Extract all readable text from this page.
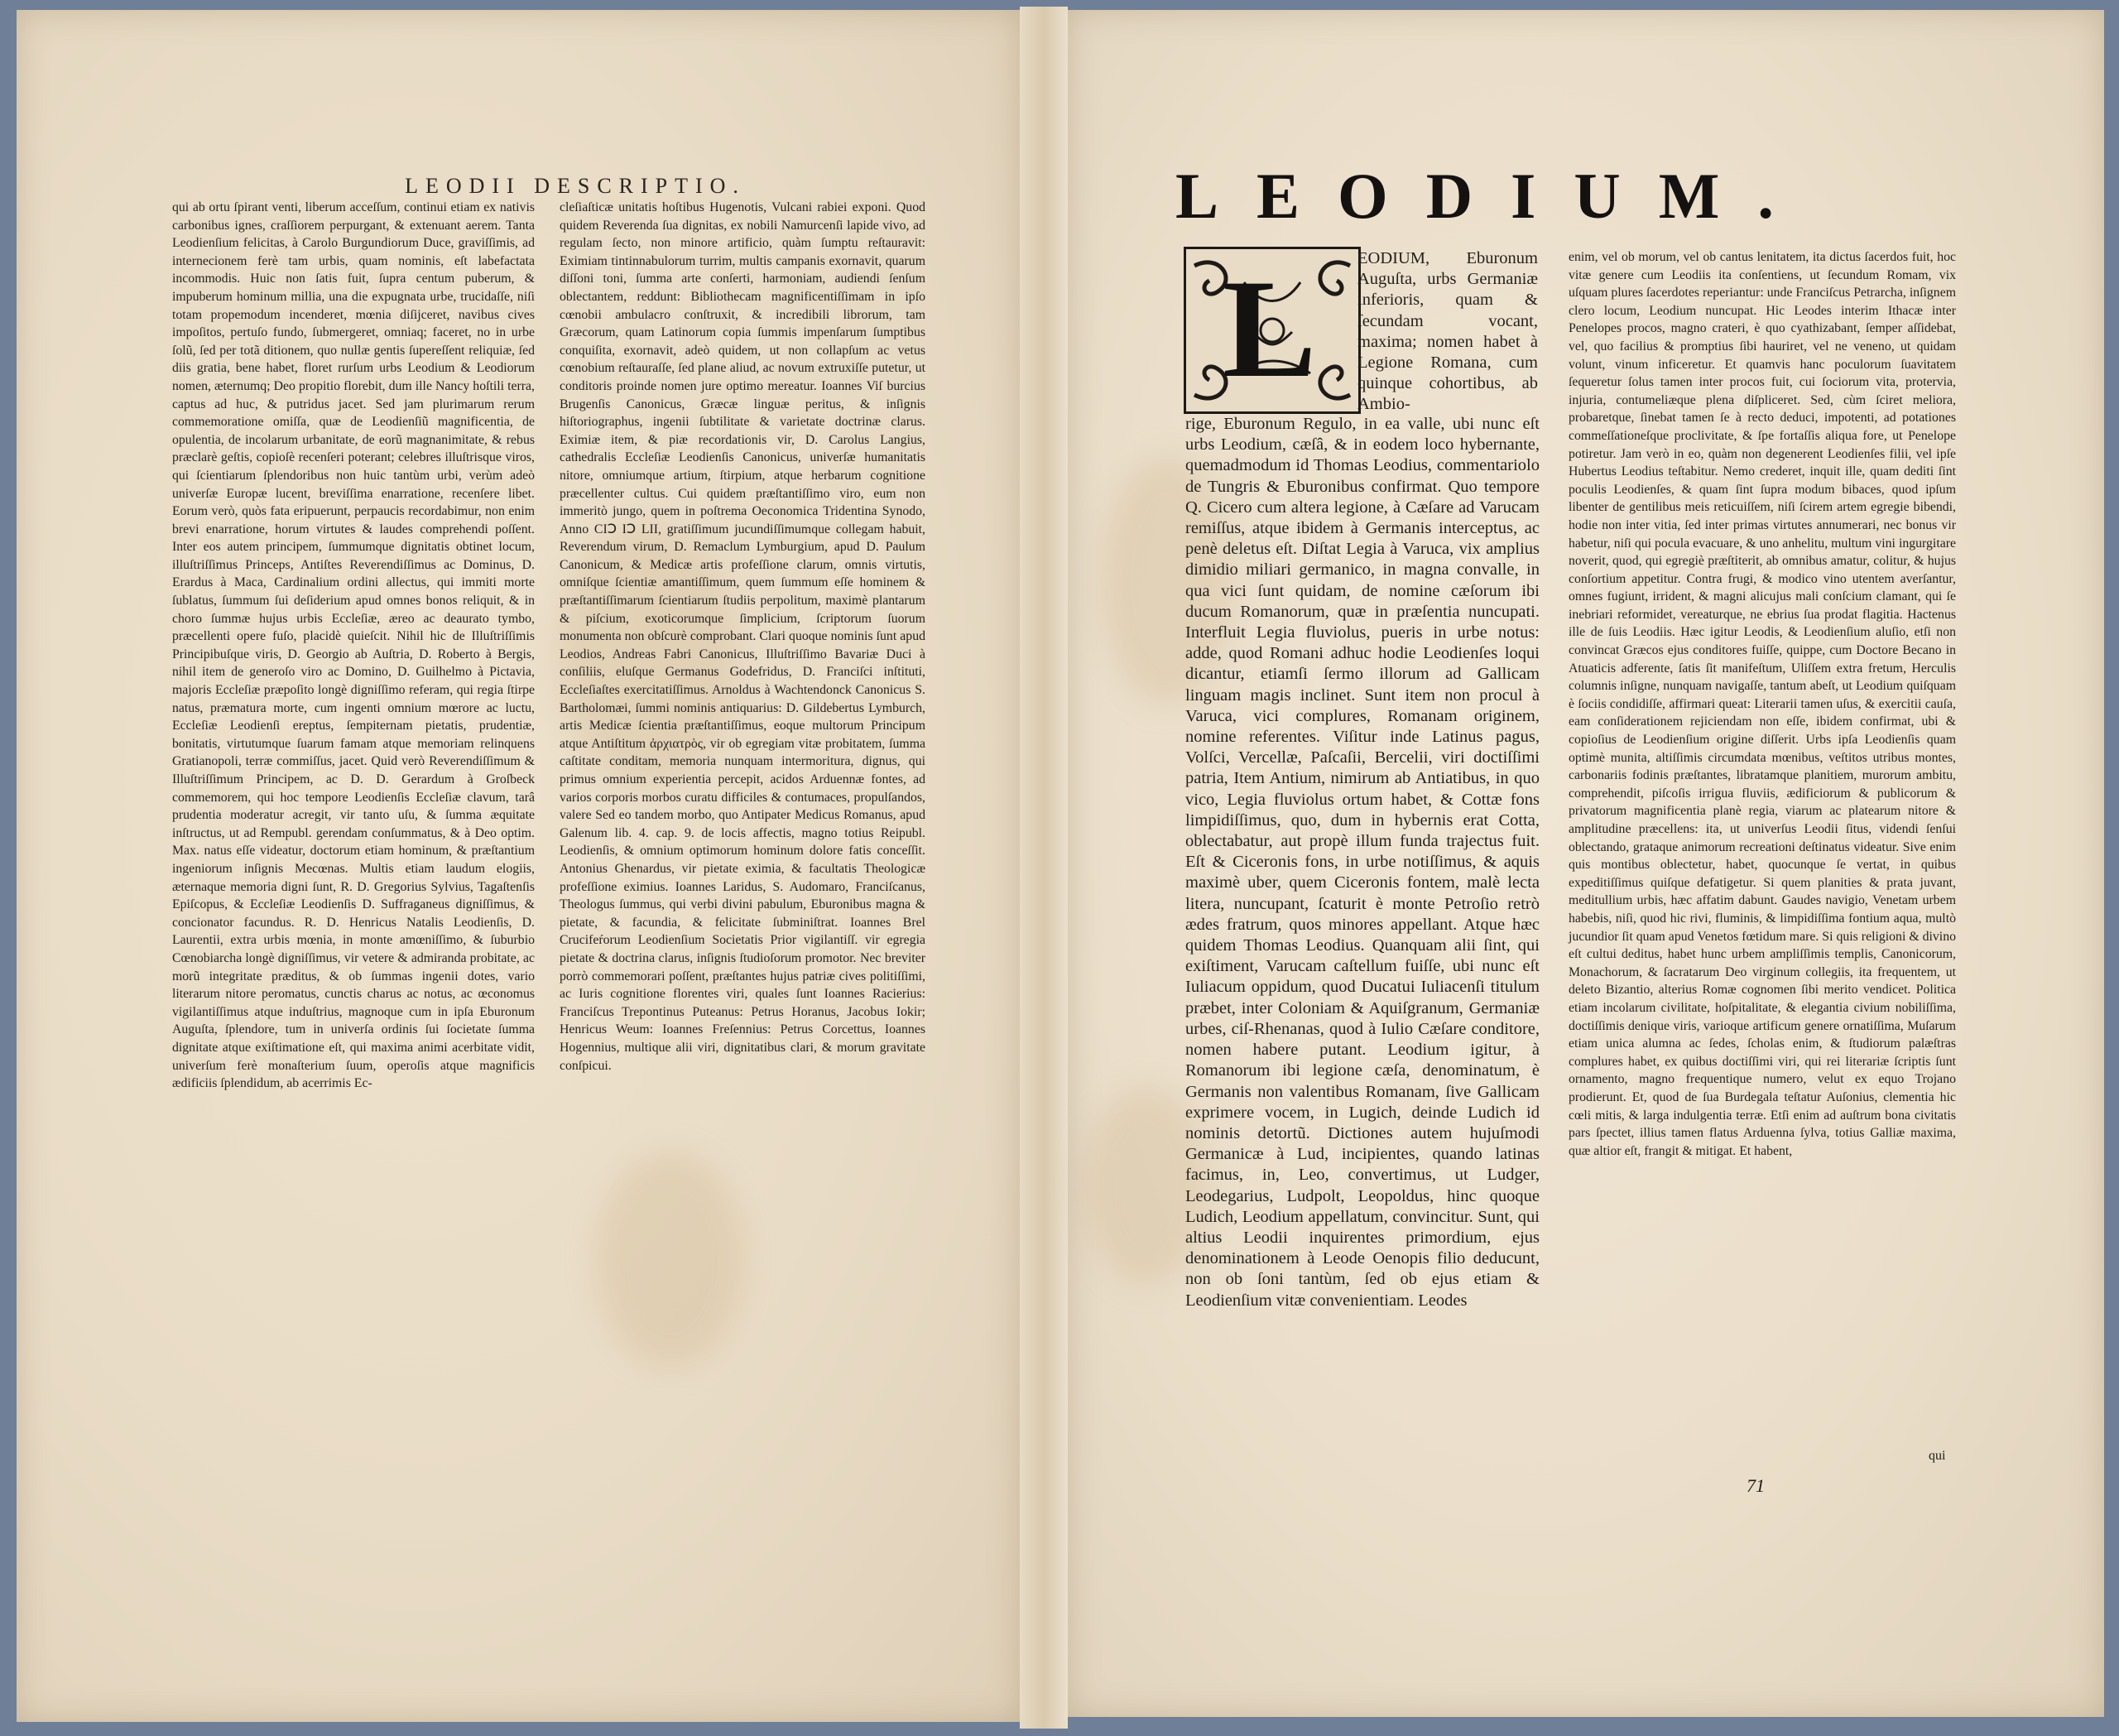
LEODII DESCRIPTIO.
qui ab ortu ſpirant venti, liberum acceſſum, continui etiam ex nativis carbonibus ignes, craſſiorem perpurgant, & extenuant aerem. Tanta Leodienſium felicitas, à Carolo Burgundiorum Duce, graviſſimis, ad internecionem ferè tam urbis, quam nominis, eſt labefactata incommodis. Huic non ſatis fuit, ſupra centum puberum, & impuberum hominum millia, una die expugnata urbe, trucidaſſe, niſi totam propemodum incenderet, mœnia diſijceret, navibus cives impoſitos, pertuſo fundo, ſubmergeret, omniaq; faceret, no in urbe ſolũ, ſed per totã ditionem, quo nullæ gentis ſupereſſent reliquiæ, ſed diis gratia, bene habet, floret rurſum urbs Leodium & Leodiorum nomen, æternumq; Deo propitio florebit, dum ille Nancy hoſtili terra, captus ad huc, & putridus jacet. Sed jam plurimarum rerum commemoratione omiſſa, quæ de Leodienſiũ magnificentia, de opulentia, de incolarum urbanitate, de eorũ magnanimitate, & rebus præclarè geſtis, copioſè recenſeri poterant; celebres illuſtrisque viros, qui ſcientiarum ſplendoribus non huic tantùm urbi, verùm adeò univerſæ Europæ lucent, breviſſima enarratione, recenſere libet. Eorum verò, quòs fata eripuerunt, perpaucis recordabimur, non enim brevi enarratione, horum virtutes & laudes comprehendi poſſent. Inter eos autem principem, ſummumque dignitatis obtinet locum, illuſtriſſimus Princeps, Antiſtes Reverendiſſimus ac Dominus, D. Erardus à Maca, Cardinalium ordini allectus, qui immiti morte ſublatus, ſummum ſui deſiderium apud omnes bonos reliquit, & in choro ſummæ hujus urbis Eccleſiæ, æreo ac deaurato tymbo, præcellenti opere fuſo, placidè quieſcit. Nihil hic de Illuſtriſſimis Principibuſque viris, D. Georgio ab Auſtria, D. Roberto à Bergis, nihil item de generoſo viro ac Domino, D. Guilhelmo à Pictavia, majoris Eccleſiæ præpoſito longè digniſſimo referam, qui regia ſtirpe natus, præmatura morte, cum ingenti omnium mœrore ac luctu, Eccleſiæ Leodienſi ereptus, ſempiternam pietatis, prudentiæ, bonitatis, virtutumque ſuarum famam atque memoriam relinquens Gratianopoli, terræ commiſſus, jacet. Quid verò Reverendiſſimum & Illuſtriſſimum Principem, ac D. D. Gerardum à Groſbeck commemorem, qui hoc tempore Leodienſis Eccleſiæ clavum, tarâ prudentia moderatur acregit, vir tanto uſu, & ſumma æquitate inſtructus, ut ad Rempubl. gerendam conſummatus, & à Deo optim. Max. natus eſſe videatur, doctorum etiam hominum, & præſtantium ingeniorum inſignis Mecœnas. Multis etiam laudum elogiis, æternaque memoria digni ſunt, R. D. Gregorius Sylvius, Tagaſtenſis Epiſcopus, & Eccleſiæ Leodienſis D. Suffraganeus digniſſimus, & concionator facundus. R. D. Henricus Natalis Leodienſis, D. Laurentii, extra urbis mœnia, in monte amœniſſimo, & ſuburbio Cœnobiarcha longè digniſſimus, vir vetere & admiranda probitate, ac morũ integritate præditus, & ob ſummas ingenii dotes, vario literarum nitore peromatus, cunctis charus ac notus, ac œconomus vigilantiſſimus atque induſtrius, magnoque cum in ipſa Eburonum Auguſta, ſplendore, tum in univerſa ordinis ſui ſocietate ſumma dignitate atque exiſtimatione eſt, qui maxima animi acerbitate vidit, univerſum ferè monaſterium ſuum, operoſis atque magnificis ædificiis ſplendidum, ab acerrimis Ec-
cleſiaſticæ unitatis hoſtibus Hugenotis, Vulcani rabiei exponi. Quod quidem Reverenda ſua dignitas, ex nobili Namurcenſi lapide vivo, ad regulam ſecto, non minore artificio, quàm ſumptu reſtauravit: Eximiam tintinnabulorum turrim, multis campanis exornavit, quarum diſſoni toni, ſumma arte conſerti, harmoniam, audiendi ſenſum oblectantem, reddunt: Bibliothecam magnificentiſſimam in ipſo cœnobii ambulacro conſtruxit, & incredibili librorum, tam Græcorum, quam Latinorum copia ſummis impenſarum ſumptibus conquiſita, exornavit, adeò quidem, ut non collapſum ac vetus cœnobium reſtauraſſe, ſed plane aliud, ac novum extruxiſſe putetur, ut conditoris proinde nomen jure optimo mereatur. Ioannes Viſ burcius Brugenſis Canonicus, Græcæ linguæ peritus, & inſignis hiſtoriographus, ingenii ſubtilitate & varietate doctrinæ clarus. Eximiæ item, & piæ recordationis vir, D. Carolus Langius, cathedralis Eccleſiæ Leodienſis Canonicus, univerſæ humanitatis nitore, omniumque artium, ſtirpium, atque herbarum cognitione præcellenter cultus. Cui quidem præſtantiſſimo viro, eum non immeritò jungo, quem in poſtrema Oeconomica Tridentina Synodo, Anno CIↃ IↃ LII, gratiſſimum jucundiſſimumque collegam habuit, Reverendum virum, D. Remaclum Lymburgium, apud D. Paulum Canonicum, & Medicæ artis profeſſione clarum, omnis virtutis, omniſque ſcientiæ amantiſſimum, quem ſummum eſſe hominem & præſtantiſſimarum ſcientiarum ſtudiis perpolitum, maximè plantarum & piſcium, exoticorumque ſimplicium, ſcriptorum ſuorum monumenta non obſcurè comprobant. Clari quoque nominis ſunt apud Leodios, Andreas Fabri Canonicus, Illuſtriſſimo Bavariæ Duci à conſiliis, eluſque Germanus Godefridus, D. Franciſci inſtituti, Eccleſiaſtes exercitatiſſimus. Arnoldus à Wachtendonck Canonicus S. Bartholomæi, ſummi nominis antiquarius: D. Gildebertus Lymburch, artis Medicæ ſcientia præſtantiſſimus, eoque multorum Principum atque Antiſtitum ἀρχιατρὸς, vir ob egregiam vitæ probitatem, ſumma caſtitate conditam, memoria nunquam intermoritura, dignus, qui primus omnium experientia percepit, acidos Arduennæ fontes, ad varios corporis morbos curatu difficiles & contumaces, propulſandos, valere Sed eo tandem morbo, quo Antipater Medicus Romanus, apud Galenum lib. 4. cap. 9. de locis affectis, magno totius Reipubl. Leodienſis, & omnium optimorum hominum dolore fatis conceſſit. Antonius Ghenardus, vir pietate eximia, & facultatis Theologicæ profeſſione eximius. Ioannes Laridus, S. Audomaro, Franciſcanus, Theologus ſummus, qui verbi divini pabulum, Eburonibus magna & pietate, & facundia, & felicitate ſubminiſtrat. Ioannes Brel Crucifeŕorum Leodienſium Societatis Prior vigilantiſſ. vir egregia pietate & doctrina clarus, inſignis ſtudioſorum promotor. Nec breviter porrò commemorari poſſent, præſtantes hujus patriæ cives politiſſimi, ac Iuris cognitione florentes viri, quales ſunt Ioannes Racierius: Franciſcus Trepontinus Puteanus: Petrus Horanus, Jacobus Iokir; Henricus Weum: Ioannes Freſennius: Petrus Corcettus, Ioannes Hogennius, multique alii viri, dignitatibus clari, & morum gravitate conſpicui.
LEODIUM.
L EODIUM, Eburonum Auguſta, urbs Germaniæ inferioris, quam & ſecundam vocant, maxima; nomen habet à Legione Romana, cum quinque cohortibus, ab Ambio-
rige, Eburonum Regulo, in ea valle, ubi nunc eſt urbs Leodium, cæſâ, & in eodem loco hybernante, quemadmodum id Thomas Leodius, commentariolo de Tungris & Eburonibus confirmat. Quo tempore Q. Cicero cum altera legione, à Cæſare ad Varucam remiſſus, atque ibidem à Germanis interceptus, ac penè deletus eſt. Diſtat Legia à Varuca, vix amplius dimidio miliari germanico, in magna convalle, in qua vici ſunt quidam, de nomine cæſorum ibi ducum Romanorum, quæ in præſentia nuncupati. Interfluit Legia fluviolus, pueris in urbe notus: adde, quod Romani adhuc hodie Leodienſes loqui dicantur, etiamſi ſermo illorum ad Gallicam linguam magis inclinet. Sunt item non procul à Varuca, vici complures, Romanam originem, nomine referentes. Viſitur inde Latinus pagus, Volſci, Vercellæ, Paſcaſii, Bercelii, viri doctiſſimi patria, Item Antium, nimirum ab Antiatibus, in quo vico, Legia fluviolus ortum habet, & Cottæ fons limpidiſſimus, quo, dum in hybernis erat Cotta, oblectabatur, aut propè illum funda trajectus fuit. Eſt & Ciceronis fons, in urbe notiſſimus, & aquis maximè uber, quem Ciceronis fontem, malè lecta litera, nuncupant, ſcaturit è monte Petroſio retrò ædes fratrum, quos minores appellant. Atque hæc quidem Thomas Leodius. Quanquam alii ſint, qui exiſtiment, Varucam caſtellum fuiſſe, ubi nunc eſt Iuliacum oppidum, quod Ducatui Iuliacenſi titulum præbet, inter Coloniam & Aquiſgranum, Germaniæ urbes, ciſ-Rhenanas, quod à Iulio Cæſare conditore, nomen habere putant. Leodium igitur, à Romanorum ibi legione cæſa, denominatum, è Germanis non valentibus Romanam, ſive Gallicam exprimere vocem, in Lugich, deinde Ludich id nominis detortũ. Dictiones autem hujuſmodi Germanicæ à Lud, incipientes, quando latinas facimus, in, Leo, convertimus, ut Ludger, Leodegarius, Ludpolt, Leopoldus, hinc quoque Ludich, Leodium appellatum, convincitur. Sunt, qui altius Leodii inquirentes primordium, ejus denominationem à Leode Oenopis filio deducunt, non ob ſoni tantùm, ſed ob ejus etiam & Leodienſium vitæ convenientiam. Leodes
enim, vel ob morum, vel ob cantus lenitatem, ita dictus ſacerdos fuit, hoc vitæ genere cum Leodiis ita conſentiens, ut ſecundum Romam, vix uſquam plures ſacerdotes reperiantur: unde Franciſcus Petrarcha, inſignem clero locum, Leodium nuncupat. Hic Leodes interim Ithacæ inter Penelopes procos, magno crateri, è quo cyathizabant, ſemper aſſidebat, vel, quo facilius & promptius ſibi hauriret, vel ne veneno, ut quidam volunt, vinum inficeretur. Et quamvis hanc poculorum ſuavitatem ſequeretur ſolus tamen inter procos fuit, cui ſociorum vita, protervia, injuria, contumeliæque plena diſpliceret. Sed, cùm ſciret meliora, probaretque, ſinebat tamen ſe à recto deduci, impotenti, ad potationes commeſſationeſque proclivitate, & ſpe fortaſſis aliqua fore, ut Penelope potiretur. Jam verò in eo, quàm non degenerent Leodienſes filii, vel ipſe Hubertus Leodius teſtabitur. Nemo crederet, inquit ille, quam dediti ſint poculis Leodienſes, & quam ſint ſupra modum bibaces, quod ipſum libenter de gentilibus meis reticuiſſem, niſi ſcirem artem egregie bibendi, hodie non inter vitia, ſed inter primas virtutes annumerari, nec bonus vir habetur, niſi qui pocula evacuare, & uno anhelitu, multum vini ingurgitare noverit, quod, qui egregiè præſtiterit, ab omnibus amatur, colitur, & hujus conſortium appetitur. Contra frugi, & modico vino utentem averſantur, omnes fugiunt, irrident, & magni alicujus mali conſcium clamant, qui ſe inebriari reformidet, vereaturque, ne ebrius ſua prodat flagitia. Hactenus ille de ſuis Leodiis. Hæc igitur Leodis, & Leodienſium aluſio, etſi non convincat Græcos ejus conditores fuiſſe, quippe, cum Doctore Becano in Atuaticis adferente, ſatis ſit manifeſtum, Uliſſem extra fretum, Herculis columnis inſigne, nunquam navigaſſe, tantum abeſt, ut Leodium quiſquam è ſociis condidiſſe, affirmari queat: Literarii tamen uſus, & exercitii cauſa, eam conſiderationem rejiciendam non eſſe, ibidem confirmat, ubi & copioſius de Leodienſium origine diſſerit. Urbs ipſa Leodienſis quam optimè munita, altiſſimis circumdata mœnibus, veſtitos utribus montes, carbonariis fodinis præſtantes, libratamque planitiem, murorum ambitu, comprehendit, piſcoſis irrigua fluviis, ædificiorum & publicorum & privatorum magnificentia planè regia, viarum ac platearum nitore & amplitudine præcellens: ita, ut univerſus Leodii ſitus, videndi ſenſui oblectando, grataque animorum recreationi deſtinatus videatur. Sive enim quis montibus oblectetur, habet, quocunque ſe vertat, in quibus expeditiſſimus quiſque defatigetur. Si quem planities & prata juvant, meditullium urbis, hæc affatim dabunt. Gaudes navigio, Venetam urbem habebis, niſi, quod hic rivi, fluminis, & limpidiſſima fontium aqua, multò jucundior ſit quam apud Venetos fœtidum mare. Si quis religioni & divino eſt cultui deditus, habet hunc urbem ampliſſimis templis, Canonicorum, Monachorum, & ſacratarum Deo virginum collegiis, ita frequentem, ut deleto Bizantio, alterius Romæ cognomen ſibi merito vendicet. Politica etiam incolarum civilitate, hoſpitalitate, & elegantia civium nobiliſſima, doctiſſimis denique viris, varioque artificum genere ornatiſſima, Muſarum etiam unica alumna ac ſedes, ſcholas enim, & ſtudiorum palæſtras complures habet, ex quibus doctiſſimi viri, qui rei literariæ ſcriptis ſunt ornamento, magno frequentique numero, velut ex equo Trojano prodierunt. Et, quod de ſua Burdegala teſtatur Auſonius, clementia hic cœli mitis, & larga indulgentia terræ. Etſi enim ad auſtrum bona civitatis pars ſpectet, illius tamen flatus Arduenna ſylva, totius Galliæ maxima, quæ altior eſt, frangit & mitigat. Et habent,
qui
71
